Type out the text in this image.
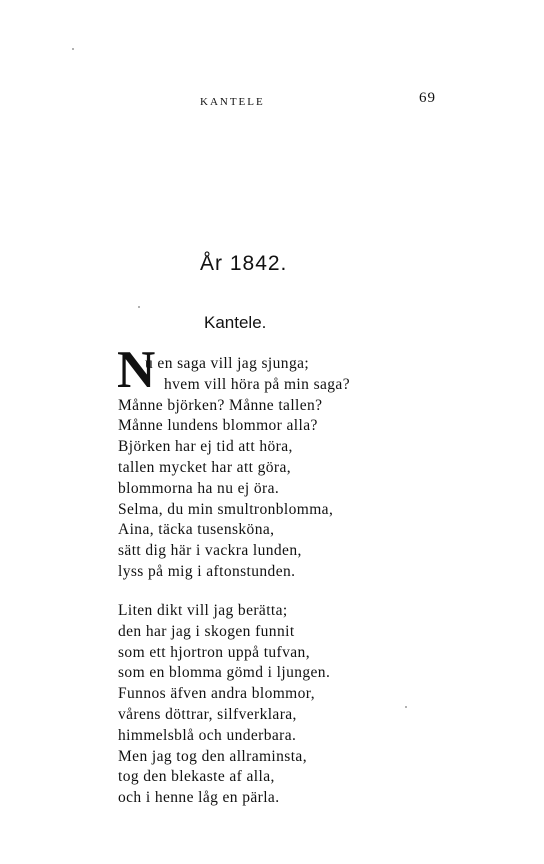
KANTELE	69
År 1842.
Kantele.
N
u en saga vill jag sjunga;
hvem vill höra på min saga?
Månne björken? Månne tallen?
Månne lundens blommor alla?
Björken har ej tid att höra,
tallen mycket har att göra,
blommorna ha nu ej öra.
Selma, du min smultronblomma,
Aina, täcka tusensköna,
sätt dig här i vackra lunden,
lyss på mig i aftonstunden.
Liten dikt vill jag berätta;
den har jag i skogen funnit
som ett hjortron uppå tufvan,
som en blomma gömd i ljungen.
Funnos äfven andra blommor,
vårens döttrar, silfverklara,
himmelsblå och underbara.
Men jag tog den allraminsta,
tog den blekaste af alla,
och i henne låg en pärla.
